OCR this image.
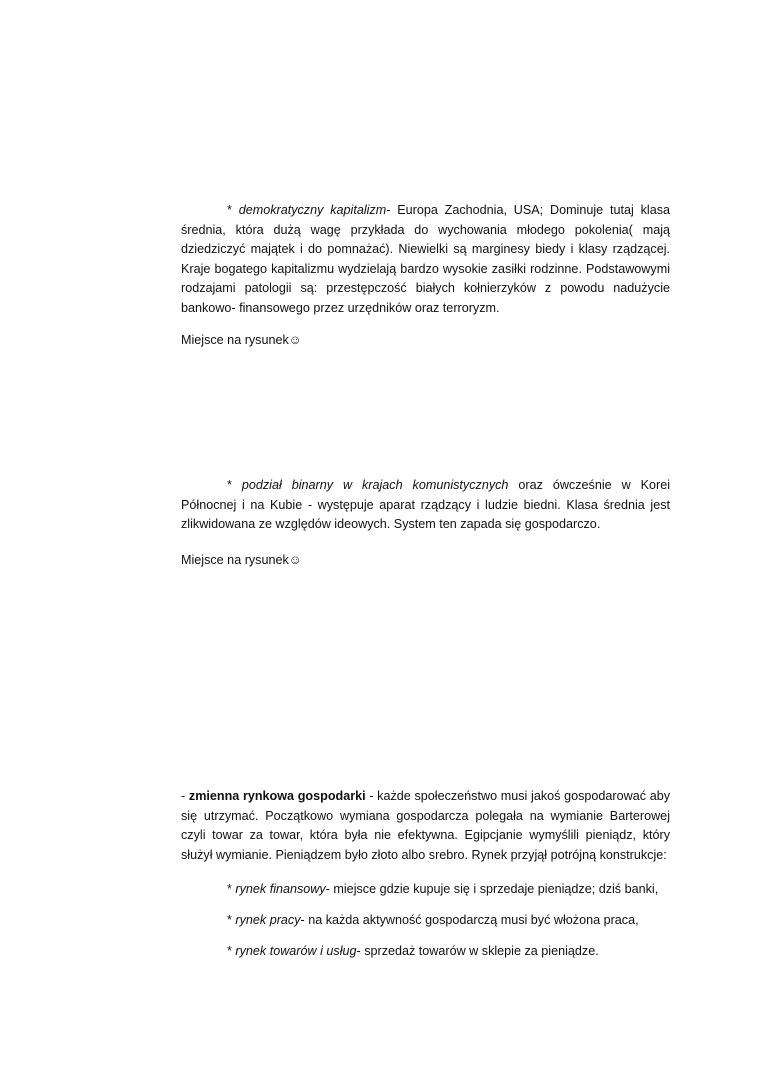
* demokratyczny kapitalizm- Europa Zachodnia, USA; Dominuje tutaj klasa średnia, która dużą wagę przykłada do wychowania młodego pokolenia( mają dziedziczyć majątek i do pomnażać). Niewielki są marginesy biedy i klasy rządzącej. Kraje bogatego kapitalizmu wydzielają bardzo wysokie zasiłki rodzinne. Podstawowymi rodzajami patologii są: przestępczość białych kołnierzyków z powodu nadużycie bankowo- finansowego przez urzędników oraz terroryzm.

Miejsce na rysunek☺

* podział binarny w krajach komunistycznych oraz ówcześnie w Korei Północnej i na Kubie - występuje aparat rządzący i ludzie biedni. Klasa średnia jest zlikwidowana ze względów ideowych. System ten zapada się gospodarczo.

Miejsce na rysunek☺

- zmienna rynkowa gospodarki - każde społeczeństwo musi jakoś gospodarować aby się utrzymać. Początkowo wymiana gospodarcza polegała na wymianie Barterowej czyli towar za towar, która była nie efektywna. Egipcjanie wymyślili pieniądz, który służył wymianie. Pieniądzem było złoto albo srebro. Rynek przyjął potrójną konstrukcje:

* rynek finansowy- miejsce gdzie kupuje się i sprzedaje pieniądze; dziś banki,

* rynek pracy- na każda aktywność gospodarczą musi być włożona praca,

* rynek towarów i usług- sprzedaż towarów w sklepie za pieniądze.
